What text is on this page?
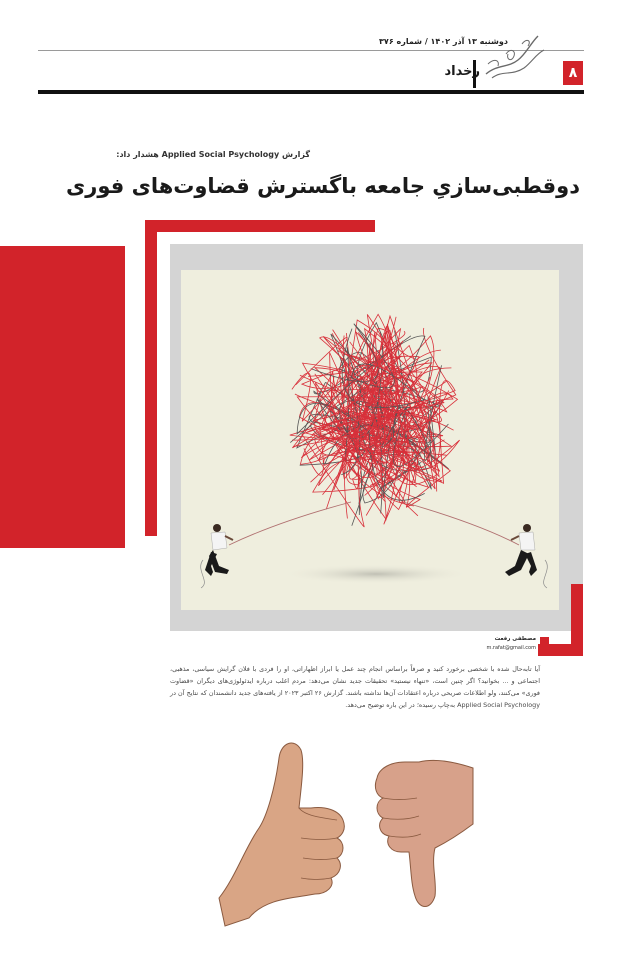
دوشنبه ۱۳ آذر ۱۴۰۲ / شماره ۳۷۶
۸
رخداد
گزارش Applied Social Psychology هشدار داد:
دوقطبی‌سازیِ جامعه باگسترش قضاوت‌های فوری
مصطفی رفعت
m.rafat@gmail.com
آیا تابه‌حال شده با شخصی برخورد کنید و صرفاً براساس انجام چند عمل یا ابراز اظهاراتی، او را فردی با فلان گرایش سیاسی، مذهبی، اجتماعی و ... بخوانید؟ اگر چنین است، «تنهاء نیستید» تحقیقات جدید نشان می‌دهد: مردم اغلب درباره ایدئولوژی‌های دیگران «قضاوت فوری» می‌کنند، ولو اطلاعات صریحی درباره اعتقادات آن‌ها نداشته باشند. گزارش ۲۶ اکتبر ۲۰۲۳ از یافته‌های جدید دانشمندان که نتایج آن در Applied Social Psychology به‌چاپ رسیده؛ در این باره توضیح می‌دهد.
